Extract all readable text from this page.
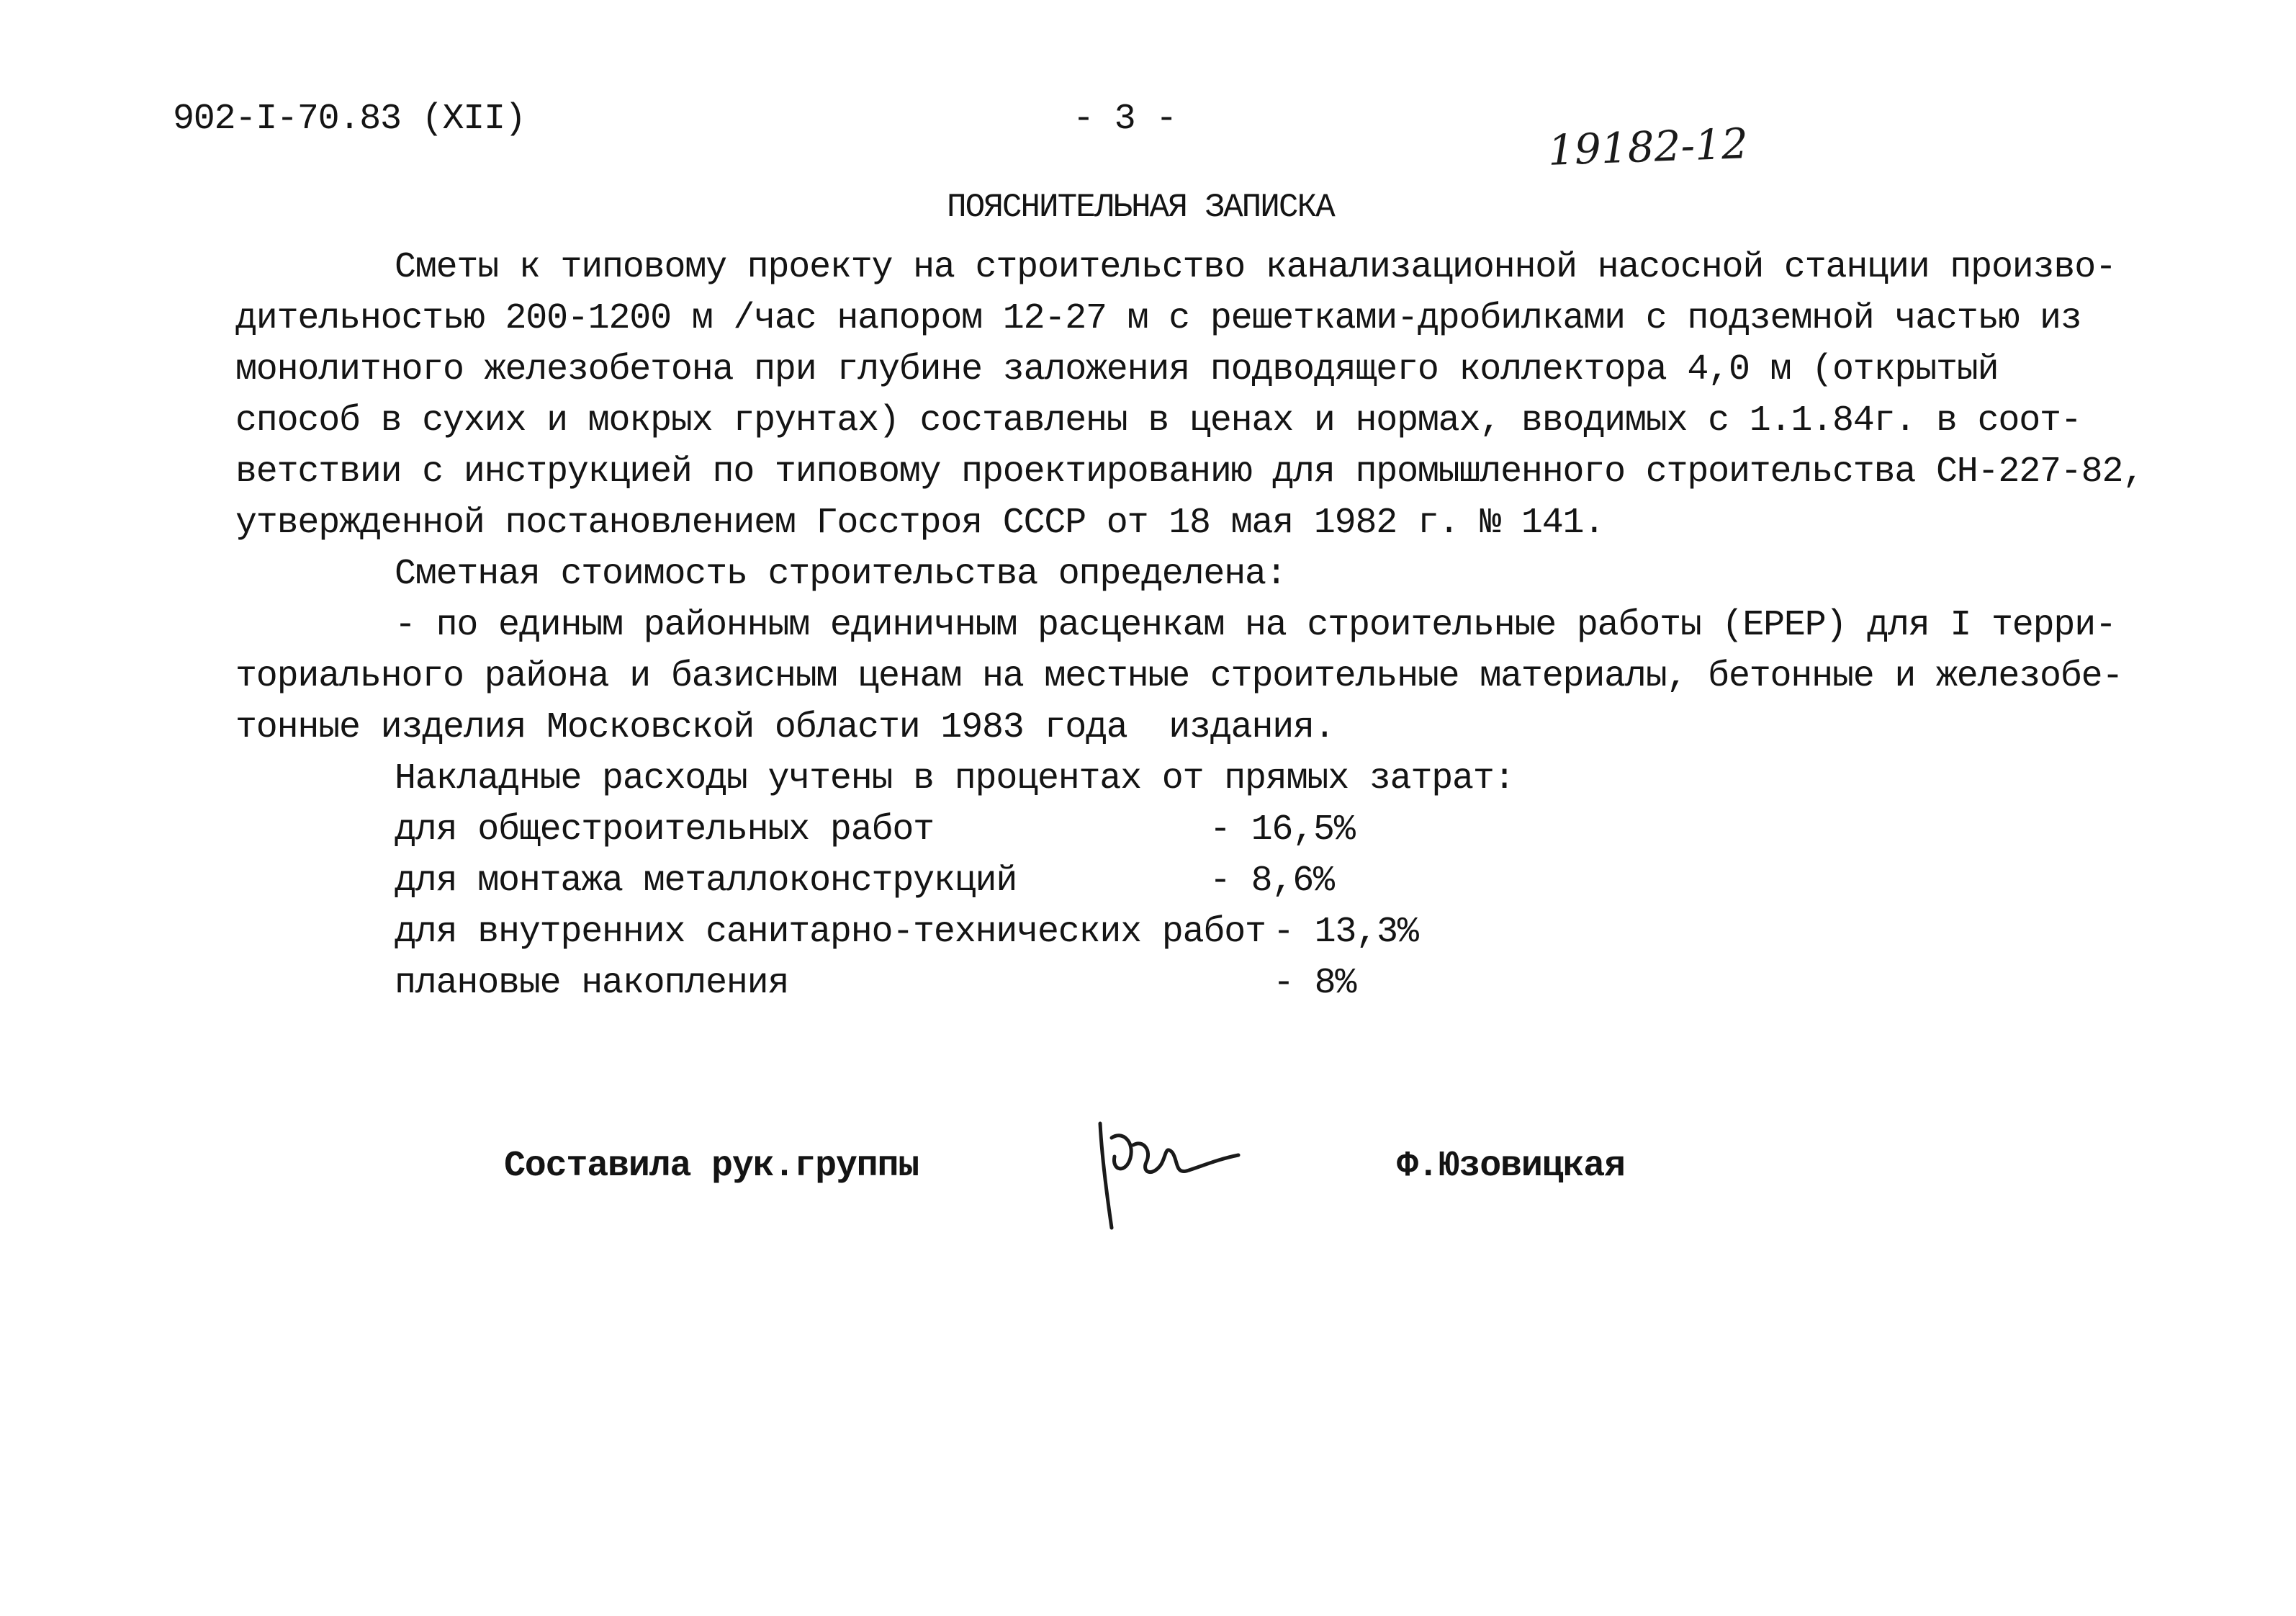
902-I-70.83 (XII)	- 3 -	19182-12
ПОЯСНИТЕЛЬНАЯ ЗАПИСКА
Сметы к типовому проекту на строительство канализационной насосной станции произво-
дительностью 200-1200 м /час напором 12-27 м с решетками-дробилками с подземной частью из
монолитного железобетона при глубине заложения подводящего коллектора 4,0 м (открытый
способ в сухих и мокрых грунтах) составлены в ценах и нормах, вводимых с 1.1.84г. в соот-
ветствии с инструкцией по типовому проектированию для промышленного строительства СН-227-82,
утвержденной постановлением Госстроя СССР от 18 мая 1982 г. № 141.
Сметная стоимость строительства определена:
- по единым районным единичным расценкам на строительные работы (ЕРЕР) для I терри-
ториального района и базисным ценам на местные строительные материалы, бетонные и железобе-
тонные изделия Московской области 1983 года  издания.
Накладные расходы учтены в процентах от прямых затрат:
для общестроительных работ	- 16,5%
для монтажа металлоконструкций	- 8,6%
для внутренних санитарно-технических работ - 13,3%
плановые накопления	- 8%
Составила рук.группы	Ф.Юзовицкая
